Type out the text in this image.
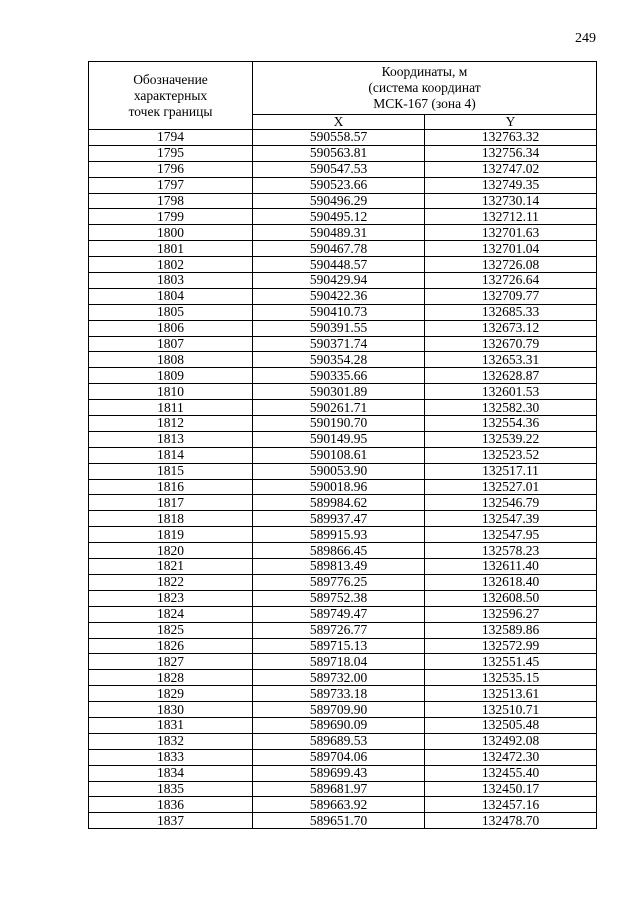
249
Обозначение
характерных
точек границы	Координаты, м
(система координат
МСК-167 (зона 4)	

	X	Y
1794	590558.57	132763.32
1795	590563.81	132756.34
1796	590547.53	132747.02
1797	590523.66	132749.35
1798	590496.29	132730.14
1799	590495.12	132712.11
1800	590489.31	132701.63
1801	590467.78	132701.04
1802	590448.57	132726.08
1803	590429.94	132726.64
1804	590422.36	132709.77
1805	590410.73	132685.33
1806	590391.55	132673.12
1807	590371.74	132670.79
1808	590354.28	132653.31
1809	590335.66	132628.87
1810	590301.89	132601.53
1811	590261.71	132582.30
1812	590190.70	132554.36
1813	590149.95	132539.22
1814	590108.61	132523.52
1815	590053.90	132517.11
1816	590018.96	132527.01
1817	589984.62	132546.79
1818	589937.47	132547.39
1819	589915.93	132547.95
1820	589866.45	132578.23
1821	589813.49	132611.40
1822	589776.25	132618.40
1823	589752.38	132608.50
1824	589749.47	132596.27
1825	589726.77	132589.86
1826	589715.13	132572.99
1827	589718.04	132551.45
1828	589732.00	132535.15
1829	589733.18	132513.61
1830	589709.90	132510.71
1831	589690.09	132505.48
1832	589689.53	132492.08
1833	589704.06	132472.30
1834	589699.43	132455.40
1835	589681.97	132450.17
1836	589663.92	132457.16
1837	589651.70	132478.70
